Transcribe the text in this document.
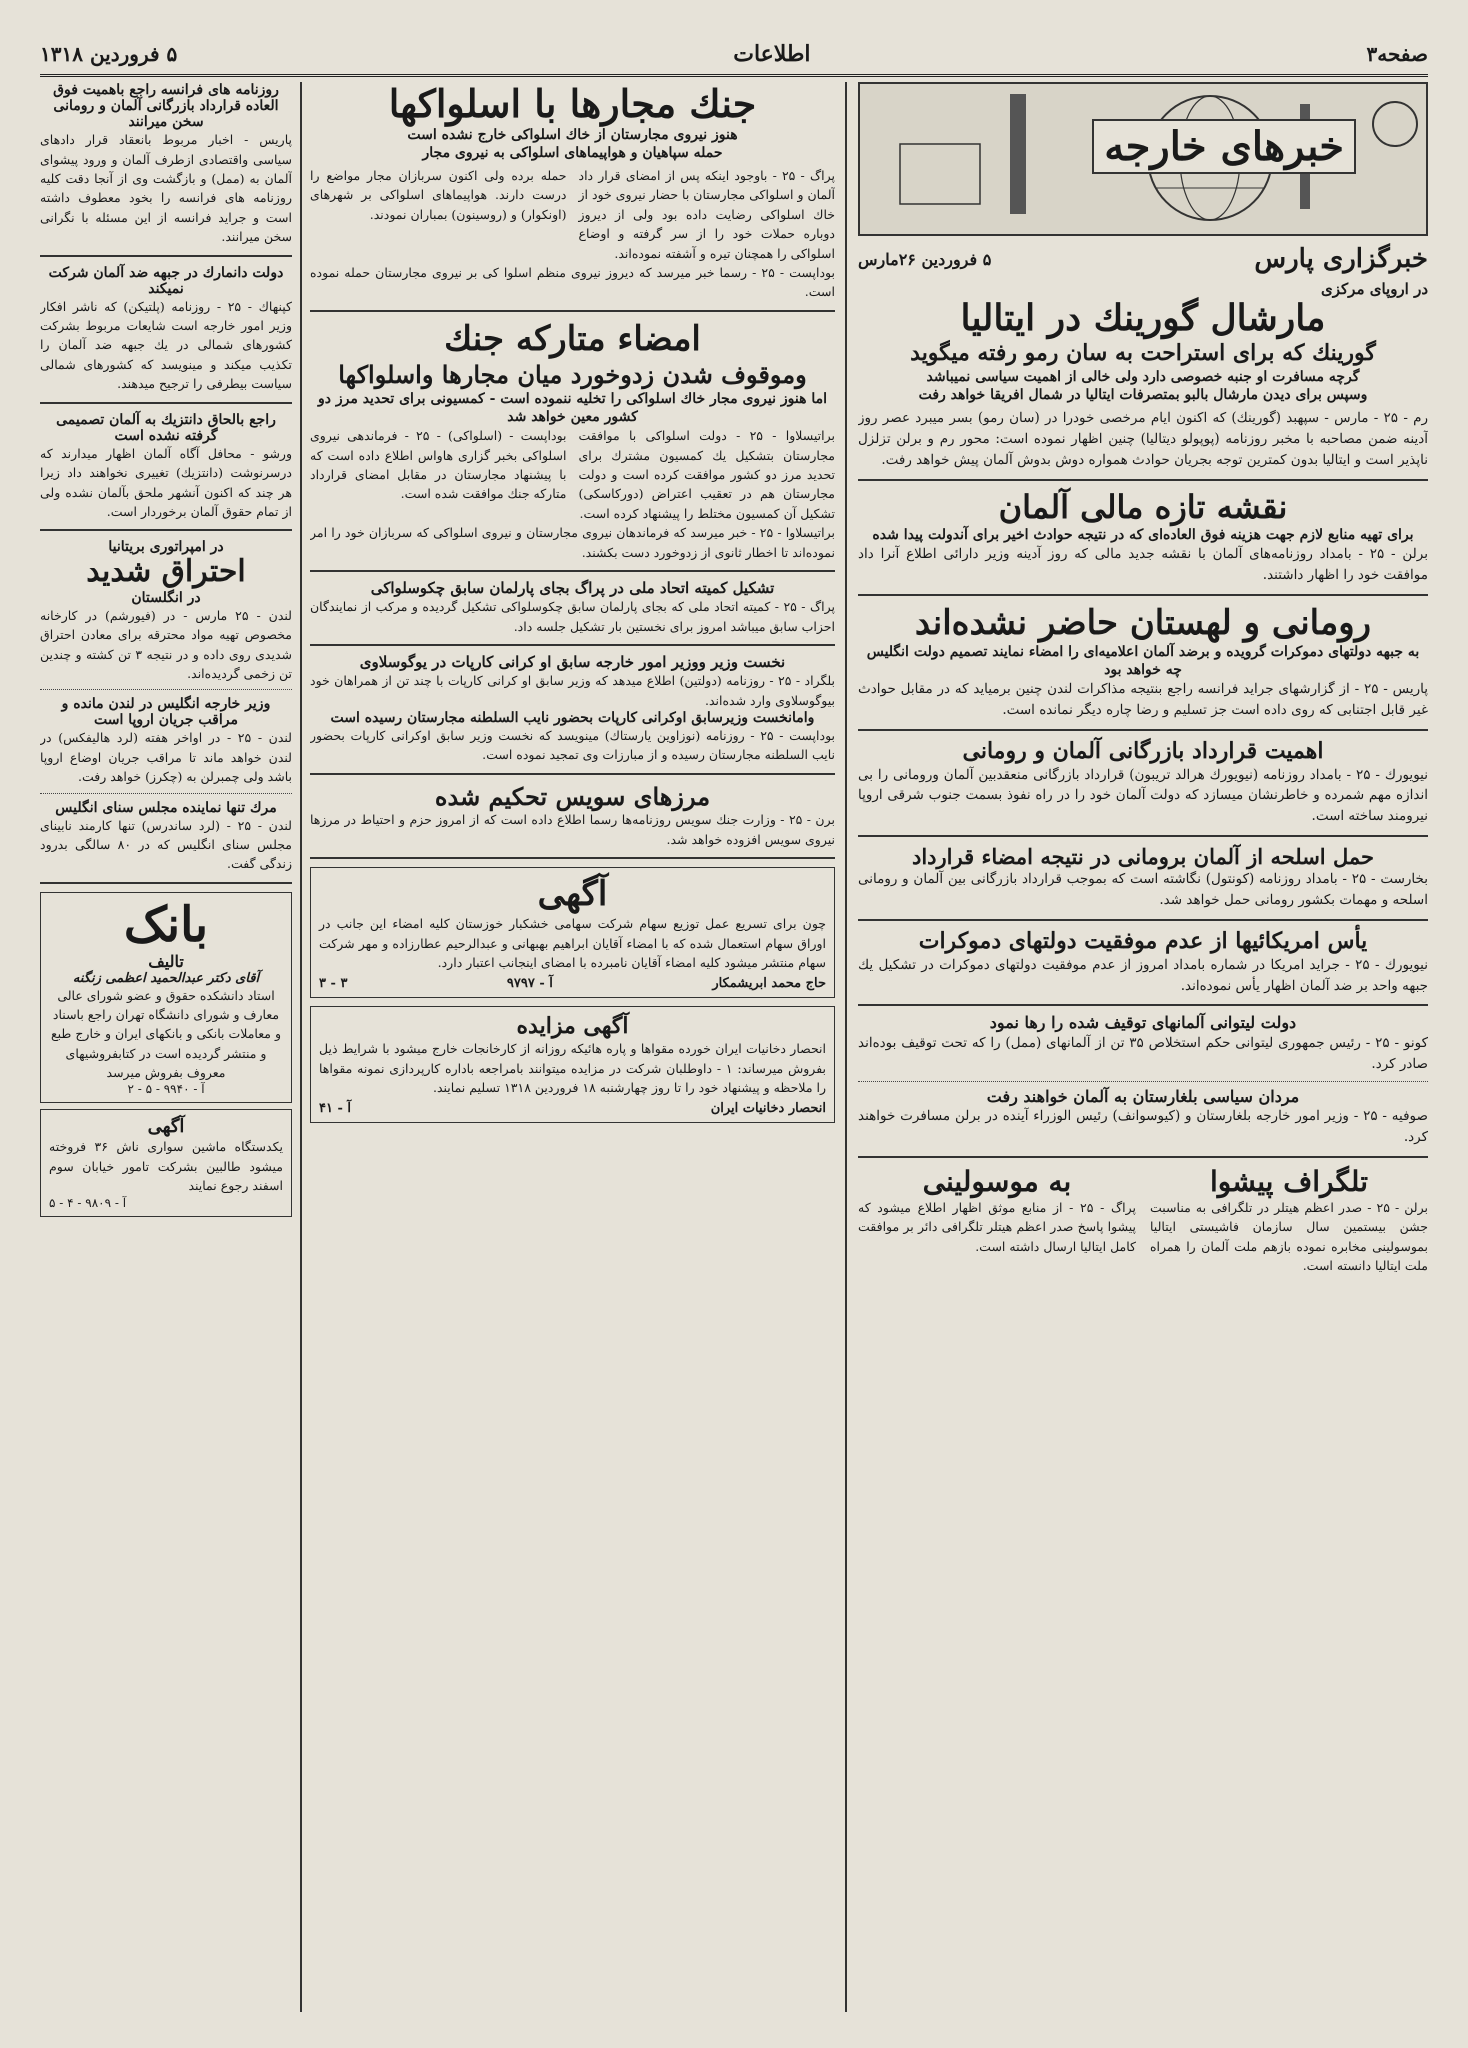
صفحه۳
اطلاعات
۵ فروردین ۱۳۱۸
خبرهای خارجه
خبرگزاری پارس
۵ فروردین ۲۶مارس
در اروپای مرکزی
مارشال گورینك در ایتالیا
گورینك كه برای استراحت به سان رمو رفته میگوید
گرچه مسافرت او جنبه خصوصی دارد ولی خالی از اهمیت سیاسی نمیباشد
وسپس برای دیدن مارشال بالبو بمتصرفات ایتالیا در شمال افریقا خواهد رفت
رم - ۲۵ - مارس - سپهبد (گورینك) كه اکنون ایام مرخصی خودرا در (سان رمو) بسر میبرد عصر روز آدینه ضمن مصاحبه با مخبر روزنامه (پوپولو دیتالیا) چنین اظهار نموده است: محور رم و برلن تزلزل ناپذیر است و ایتالیا بدون کمترین توجه بجریان حوادث همواره دوش بدوش آلمان پیش خواهد رفت.
نقشه تازه مالی آلمان
برای تهیه منابع لازم جهت هزینه فوق العاده‌ای كه در نتیجه حوادث اخیر برای آندولت پیدا شده
برلن - ۲۵ - بامداد روزنامه‌های آلمان با نقشه جدید مالی كه روز آدینه وزیر دارائی اطلاع آنرا داد موافقت خود را اظهار داشتند.
رومانی و لهستان حاضر نشده‌اند
به جبهه دولتهای دموکرات گرویده و برضد آلمان اعلامیه‌ای را امضاء نمایند تصمیم دولت انگلیس چه خواهد بود
پاریس - ۲۵ - از گزارشهای جراید فرانسه راجع بنتیجه مذاکرات لندن چنین برمیاید که در مقابل حوادث غیر قابل اجتنابی که روی داده است جز تسلیم و رضا چاره دیگر نمانده است.
اهمیت قرارداد بازرگانی آلمان و رومانی
نیویورك - ۲۵ - بامداد روزنامه (نیویورك هرالد تریبون) قرارداد بازرگانی منعقدبین آلمان ورومانی را بی اندازه مهم شمرده و خاطرنشان میسازد که دولت آلمان خود را در راه نفوذ بسمت جنوب شرقی اروپا نیرومند ساخته است.
حمل اسلحه از آلمان برومانی در نتیجه امضاء قرارداد
بخارست - ۲۵ - بامداد روزنامه (کونتول) نگاشته است که بموجب قرارداد بازرگانی بین آلمان و رومانی اسلحه و مهمات بکشور رومانی حمل خواهد شد.
یأس امریکائیها از عدم موفقیت دولتهای دموکرات
نیویورك - ۲۵ - جراید امریکا در شماره بامداد امروز از عدم موفقیت دولتهای دموکرات در تشکیل یك جبهه واحد بر ضد آلمان اظهار یأس نموده‌اند.
دولت لیتوانی آلمانهای توقیف شده را رها نمود
کونو - ۲۵ - رئیس جمهوری لیتوانی حکم استخلاص ۳۵ تن از آلمانهای (ممل) را که تحت توقیف بوده‌اند صادر کرد.
مردان سیاسی بلغارستان به آلمان خواهند رفت
صوفیه - ۲۵ - وزیر امور خارجه بلغارستان و (کیوسوانف) رئیس الوزراء آینده در برلن مسافرت خواهند کرد.
تلگراف پیشوا
برلن - ۲۵ - صدر اعظم هیتلر در تلگرافی به مناسبت جشن بیستمین سال سازمان فاشیستی ایتالیا بموسولینی مخابره نموده بازهم ملت آلمان را همراه ملت ایتالیا دانسته است.
به موسولینی
پراگ - ۲۵ - از منابع موثق اظهار اطلاع میشود که پیشوا پاسخ صدر اعظم هیتلر تلگرافی دائر بر موافقت کامل ایتالیا ارسال داشته است.
جنك مجارها با اسلواکها
هنوز نیروی مجارستان از خاك اسلواکی خارج نشده است
حمله سپاهیان و هواپیماهای اسلواکی به نیروی مجار
پراگ - ۲۵ - باوجود اینکه پس از امضای قرار داد آلمان و اسلواکی مجارستان با حضار نیروی خود از خاك اسلواکی رضایت داده بود ولی از دیروز دوباره حملات خود را از سر گرفته و اوضاع اسلواکی را همچنان تیره و آشفته نموده‌اند.
حمله برده ولی اکنون سربازان مجار مواضع را درست دارند. هواپیماهای اسلواکی بر شهرهای (اونکوار) و (روسینون) بمباران نمودند.
بوداپست - ۲۵ - رسما خبر میرسد که دیروز نیروی منظم اسلوا کی بر نیروی مجارستان حمله نموده است.
امضاء متارکه جنك
وموقوف شدن زدوخورد میان مجارها واسلواکها
اما هنوز نیروی مجار خاك اسلواکی را تخلیه ننموده است - کمسیونی برای تحدید مرز دو کشور معین خواهد شد
براتیسلاوا - ۲۵ - دولت اسلواکی با موافقت مجارستان بتشکیل یك کمسیون مشترك برای تحدید مرز دو کشور موافقت کرده است و دولت مجارستان هم در تعقیب اعتراض (دورکاسکی) تشکیل آن کمسیون مختلط را پیشنهاد کرده است.
بوداپست - (اسلواکی) - ۲۵ - فرماندهی نیروی اسلواکی بخبر گزاری هاواس اطلاع داده است که با پیشنهاد مجارستان در مقابل امضای قرارداد متارکه جنك موافقت شده است.
براتیسلاوا - ۲۵ - خبر میرسد که فرماندهان نیروی مجارستان و نیروی اسلواکی که سربازان خود را امر نموده‌اند تا اخطار ثانوی از زدوخورد دست بکشند.
تشکیل کمیته اتحاد ملی در پراگ بجای پارلمان سابق چکوسلواکی
پراگ - ۲۵ - کمیته اتحاد ملی که بجای پارلمان سابق چکوسلواکی تشکیل گردیده و مرکب از نمایندگان احزاب سابق میباشد امروز برای نخستین بار تشکیل جلسه داد.
نخست وزیر ووزیر امور خارجه سابق او کرانی کارپات در یوگوسلاوی
بلگراد - ۲۵ - روزنامه (دولتین) اطلاع میدهد که وزیر سابق او کرانی کارپات با چند تن از همراهان خود بیوگوسلاوی وارد شده‌اند.
وامانخست وزیرسابق اوکرانی کارپات بحضور نایب السلطنه مجارستان رسیده است
بوداپست - ۲۵ - روزنامه (نوزاوین یارستاك) مینویسد که نخست وزیر سابق اوکرانی کارپات بحضور نایب السلطنه مجارستان رسیده و از مبارزات وی تمجید نموده است.
مرزهای سویس تحکیم شده
برن - ۲۵ - وزارت جنك سویس روزنامه‌ها رسما اطلاع داده است که از امروز حزم و احتیاط در مرزها نیروی سویس افزوده خواهد شد.
آگهی
چون برای تسریع عمل توزیع سهام شرکت سهامی خشکبار خوزستان کلیه امضاء این جانب در اوراق سهام استعمال شده که با امضاء آقایان ابراهیم بهبهانی و عبدالرحیم عطارزاده و مهر شرکت سهام منتشر میشود کلیه امضاء آقایان نامبرده با امضای اینجانب اعتبار دارد.
حاج محمد ابریشمکار
آ - ۹۷۹۷
۳ - ۳
آگهی مزایده
انحصار دخانیات ایران خورده مقواها و پاره هائیکه روزانه از کارخانجات خارج میشود با شرایط ذیل بفروش میرساند: ۱ - داوطلبان شرکت در مزایده میتوانند بامراجعه باداره کارپردازی نمونه مقواها را ملاحظه و پیشنهاد خود را تا روز چهارشنبه ۱۸ فروردین ۱۳۱۸ تسلیم نمایند.
انحصار دخانیات ایران
آ - ۴۱
روزنامه های فرانسه راجع باهمیت فوق العاده قرارداد بازرگانی آلمان و رومانی سخن میرانند
پاریس - اخبار مربوط بانعقاد قرار دادهای سیاسی واقتصادی ازطرف آلمان و ورود پیشوای آلمان به (ممل) و بازگشت وی از آنجا دقت کلیه روزنامه های فرانسه را بخود معطوف داشته است و جراید فرانسه از این مسئله با نگرانی سخن میرانند.
دولت دانمارك در جبهه ضد آلمان شرکت نمیکند
کپنهاك - ۲۵ - روزنامه (پلتیکن) که ناشر افکار وزیر امور خارجه است شایعات مربوط بشرکت کشورهای شمالی در یك جبهه ضد آلمان را تکذیب میکند و مینویسد که کشورهای شمالی سیاست بیطرفی را ترجیح میدهند.
راجع بالحاق دانتزیك به آلمان تصمیمی گرفته نشده است
ورشو - محافل آگاه آلمان اظهار میدارند که درسرنوشت (دانتزیك) تغییری نخواهند داد زیرا هر چند که اکنون آنشهر ملحق بآلمان نشده ولی از تمام حقوق آلمان برخوردار است.
در امپراتوری بریتانیا
احتراق شدید
در انگلستان
لندن - ۲۵ مارس - در (فیورشم) در کارخانه مخصوص تهیه مواد محترقه برای معادن احتراق شدیدی روی داده و در نتیجه ۳ تن کشته و چندین تن زخمی گردیده‌اند.
وزیر خارجه انگلیس در لندن مانده و مراقب جریان اروپا است
لندن - ۲۵ - در اواخر هفته (لرد هالیفکس) در لندن خواهد ماند تا مراقب جریان اوضاع اروپا باشد ولی چمبرلن به (چکرز) خواهد رفت.
مرك تنها نماینده مجلس سنای انگلیس
لندن - ۲۵ - (لرد ساندرس) تنها کارمند نابینای مجلس سنای انگلیس که در ۸۰ سالگی بدرود زندگی گفت.
بانک
تالیف
آقای دکتر عبدالحمید اعظمی زنگنه
استاد دانشکده حقوق و عضو شورای عالی معارف و شورای دانشگاه تهران راجع باسناد و معاملات بانکی و بانکهای ایران و خارج طبع و منتشر گردیده است در کتابفروشیهای معروف بفروش میرسد
آ - ۹۹۴۰ - ۵ - ۲
آگهی
یکدستگاه ماشین سواری ناش ۳۶ فروخته میشود طالبین بشرکت تامور خیابان سوم اسفند رجوع نمایند
آ - ۹۸۰۹ - ۴ - ۵
